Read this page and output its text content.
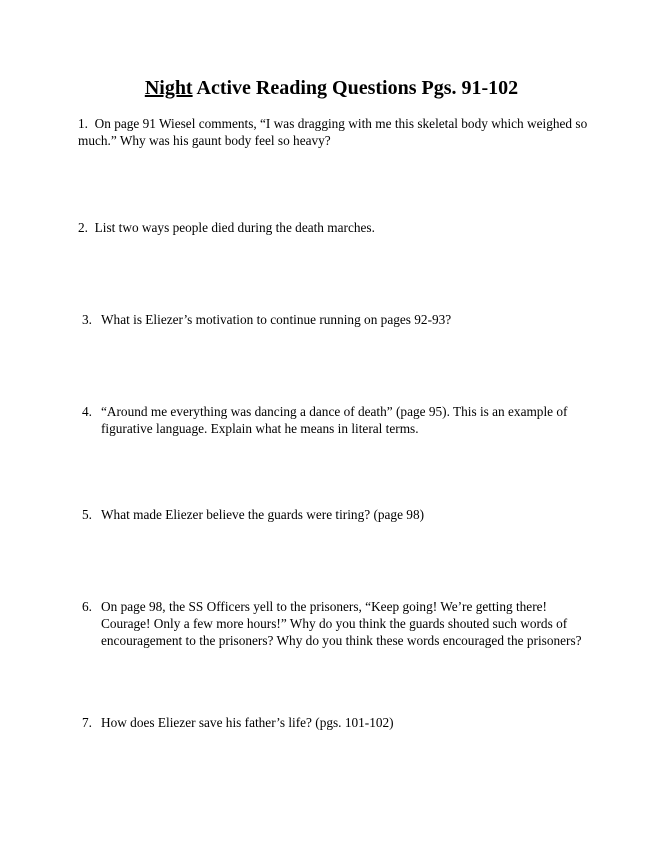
Night Active Reading Questions Pgs. 91-102

1. On page 91 Wiesel comments, “I was dragging with me this skeletal body which weighed so much.” Why was his gaunt body feel so heavy?

2. List two ways people died during the death marches.

3. What is Eliezer’s motivation to continue running on pages 92-93?

4. “Around me everything was dancing a dance of death” (page 95). This is an example of figurative language. Explain what he means in literal terms.

5. What made Eliezer believe the guards were tiring? (page 98)

6. On page 98, the SS Officers yell to the prisoners, “Keep going! We’re getting there! Courage! Only a few more hours!” Why do you think the guards shouted such words of encouragement to the prisoners? Why do you think these words encouraged the prisoners?

7. How does Eliezer save his father’s life? (pgs. 101-102)
